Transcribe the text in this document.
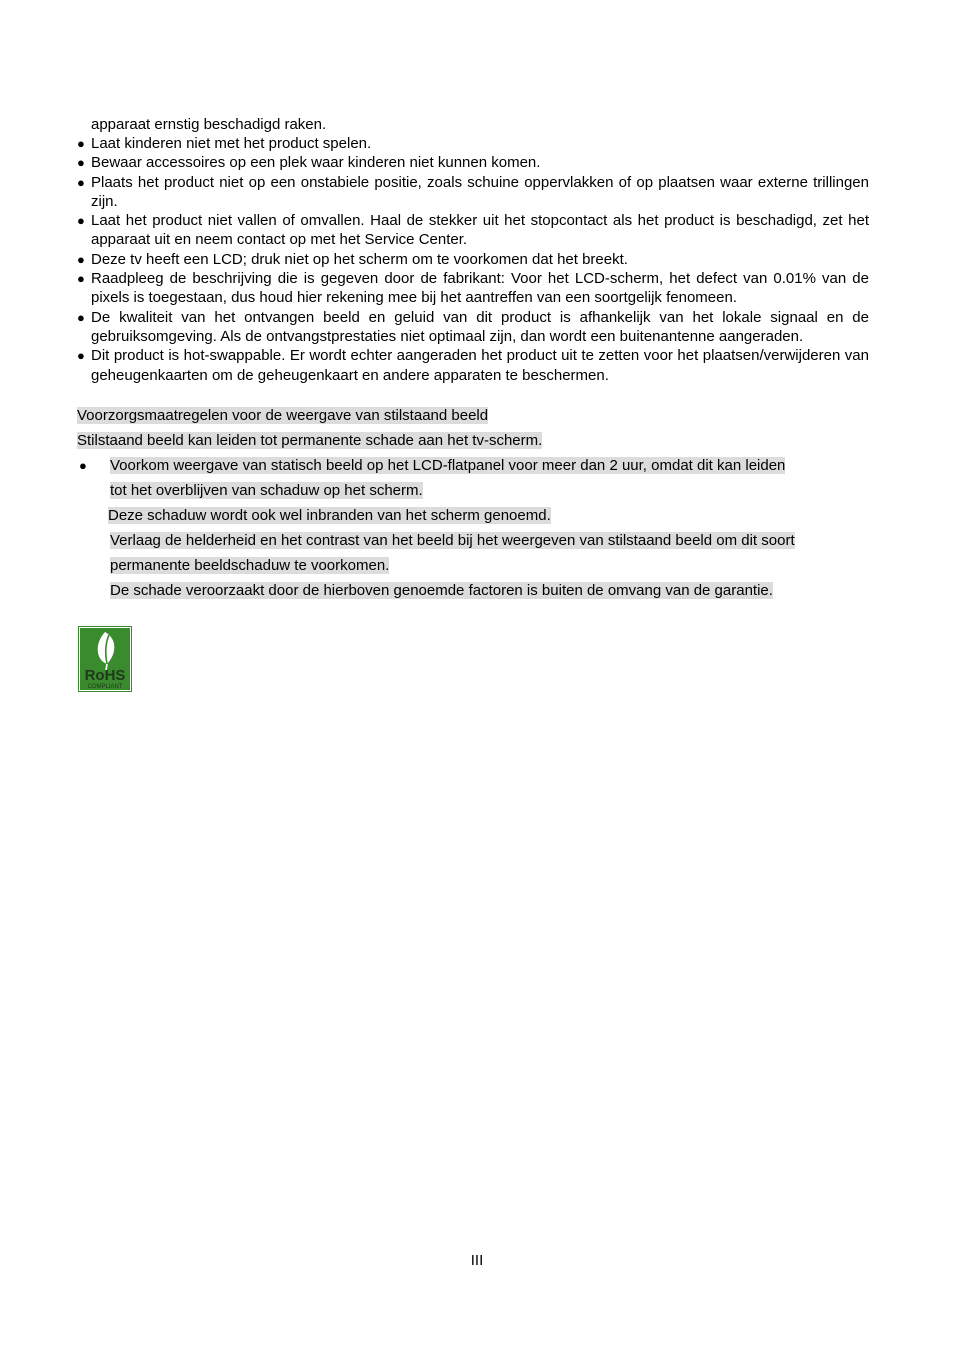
apparaat ernstig beschadigd raken.
● Laat kinderen niet met het product spelen.
● Bewaar accessoires op een plek waar kinderen niet kunnen komen.
● Plaats het product niet op een onstabiele positie, zoals schuine oppervlakken of op plaatsen waar externe trillingen zijn.
● Laat het product niet vallen of omvallen. Haal de stekker uit het stopcontact als het product is beschadigd, zet het apparaat uit en neem contact op met het Service Center.
● Deze tv heeft een LCD; druk niet op het scherm om te voorkomen dat het breekt.
● Raadpleeg de beschrijving die is gegeven door de fabrikant: Voor het LCD-scherm, het defect van 0.01% van de pixels is toegestaan, dus houd hier rekening mee bij het aantreffen van een soortgelijk fenomeen.
● De kwaliteit van het ontvangen beeld en geluid van dit product is afhankelijk van het lokale signaal en de gebruiksomgeving. Als de ontvangstprestaties niet optimaal zijn, dan wordt een buitenantenne aangeraden.
● Dit product is hot-swappable. Er wordt echter aangeraden het product uit te zetten voor het plaatsen/verwijderen van geheugenkaarten om de geheugenkaart en andere apparaten te beschermen.
Voorzorgsmaatregelen voor de weergave van stilstaand beeld
Stilstaand beeld kan leiden tot permanente schade aan het tv-scherm.
● Voorkom weergave van statisch beeld op het LCD-flatpanel voor meer dan 2 uur, omdat dit kan leiden
tot het overblijven van schaduw op het scherm.
Deze schaduw wordt ook wel inbranden van het scherm genoemd.
Verlaag de helderheid en het contrast van het beeld bij het weergeven van stilstaand beeld om dit soort
permanente beeldschaduw te voorkomen.
De schade veroorzaakt door de hierboven genoemde factoren is buiten de omvang van de garantie.
RoHS
COMPLIANT
III
